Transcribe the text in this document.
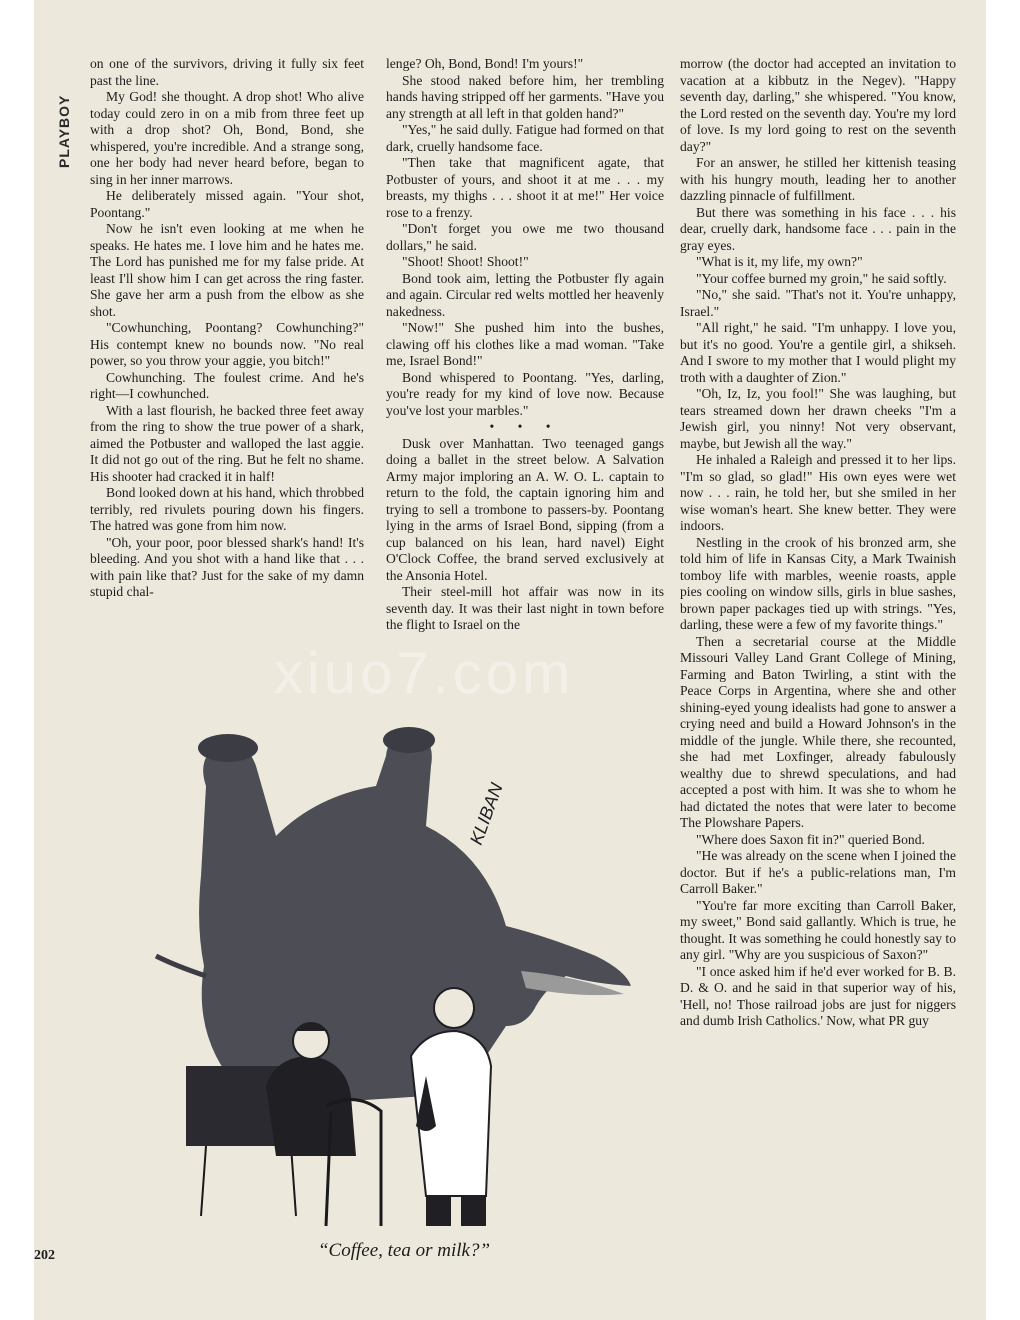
PLAYBOY

on one of the survivors, driving it fully six feet past the line.

My God! she thought. A drop shot! Who alive today could zero in on a mib from three feet up with a drop shot? Oh, Bond, Bond, she whispered, you're incredible. And a strange song, one her body had never heard before, began to sing in her inner marrows.

He deliberately missed again. "Your shot, Poontang."

Now he isn't even looking at me when he speaks. He hates me. I love him and he hates me. The Lord has punished me for my false pride. At least I'll show him I can get across the ring faster. She gave her arm a push from the elbow as she shot.

"Cowhunching, Poontang? Cowhunching?" His contempt knew no bounds now. "No real power, so you throw your aggie, you bitch!"

Cowhunching. The foulest crime. And he's right—I cowhunched.

With a last flourish, he backed three feet away from the ring to show the true power of a shark, aimed the Potbuster and walloped the last aggie. It did not go out of the ring. But he felt no shame. His shooter had cracked it in half!

Bond looked down at his hand, which throbbed terribly, red rivulets pouring down his fingers. The hatred was gone from him now.

"Oh, your poor, poor blessed shark's hand! It's bleeding. And you shot with a hand like that . . . with pain like that? Just for the sake of my damn stupid chal-

lenge? Oh, Bond, Bond! I'm yours!"

She stood naked before him, her trembling hands having stripped off her garments. "Have you any strength at all left in that golden hand?"

"Yes," he said dully. Fatigue had formed on that dark, cruelly handsome face.

"Then take that magnificent agate, that Potbuster of yours, and shoot it at me . . . my breasts, my thighs . . . shoot it at me!" Her voice rose to a frenzy.

"Don't forget you owe me two thousand dollars," he said.

"Shoot! Shoot! Shoot!"

Bond took aim, letting the Potbuster fly again and again. Circular red welts mottled her heavenly nakedness.

"Now!" She pushed him into the bushes, clawing off his clothes like a mad woman. "Take me, Israel Bond!"

Bond whispered to Poontang. "Yes, darling, you're ready for my kind of love now. Because you've lost your marbles."

• • •

Dusk over Manhattan. Two teenaged gangs doing a ballet in the street below. A Salvation Army major imploring an A. W. O. L. captain to return to the fold, the captain ignoring him and trying to sell a trombone to passers-by. Poontang lying in the arms of Israel Bond, sipping (from a cup balanced on his lean, hard navel) Eight O'Clock Coffee, the brand served exclusively at the Ansonia Hotel.

Their steel-mill hot affair was now in its seventh day. It was their last night in town before the flight to Israel on the

morrow (the doctor had accepted an invitation to vacation at a kibbutz in the Negev). "Happy seventh day, darling," she whispered. "You know, the Lord rested on the seventh day. You're my lord of love. Is my lord going to rest on the seventh day?"

For an answer, he stilled her kittenish teasing with his hungry mouth, leading her to another dazzling pinnacle of fulfillment.

But there was something in his face . . . his dear, cruelly dark, handsome face . . . pain in the gray eyes.

"What is it, my life, my own?"

"Your coffee burned my groin," he said softly.

"No," she said. "That's not it. You're unhappy, Israel."

"All right," he said. "I'm unhappy. I love you, but it's no good. You're a gentile girl, a shikseh. And I swore to my mother that I would plight my troth with a daughter of Zion."

"Oh, Iz, Iz, you fool!" She was laughing, but tears streamed down her drawn cheeks "I'm a Jewish girl, you ninny! Not very observant, maybe, but Jewish all the way."

He inhaled a Raleigh and pressed it to her lips. "I'm so glad, so glad!" His own eyes were wet now . . . rain, he told her, but she smiled in her wise woman's heart. She knew better. They were indoors.

Nestling in the crook of his bronzed arm, she told him of life in Kansas City, a Mark Twainish tomboy life with marbles, weenie roasts, apple pies cooling on window sills, girls in blue sashes, brown paper packages tied up with strings. "Yes, darling, these were a few of my favorite things."

Then a secretarial course at the Middle Missouri Valley Land Grant College of Mining, Farming and Baton Twirling, a stint with the Peace Corps in Argentina, where she and other shining-eyed young idealists had gone to answer a crying need and build a Howard Johnson's in the middle of the jungle. While there, she recounted, she had met Loxfinger, already fabulously wealthy due to shrewd speculations, and had accepted a post with him. It was she to whom he had dictated the notes that were later to become The Plowshare Papers.

"Where does Saxon fit in?" queried Bond.

"He was already on the scene when I joined the doctor. But if he's a public-relations man, I'm Carroll Baker."

"You're far more exciting than Carroll Baker, my sweet," Bond said gallantly. Which is true, he thought. It was something he could honestly say to any girl. "Why are you suspicious of Saxon?"

"I once asked him if he'd ever worked for B. B. D. & O. and he said in that superior way of his, 'Hell, no! Those railroad jobs are just for niggers and dumb Irish Catholics.' Now, what PR guy

KLIBAN
“Coffee, tea or milk?”
202
xiuo7.com
